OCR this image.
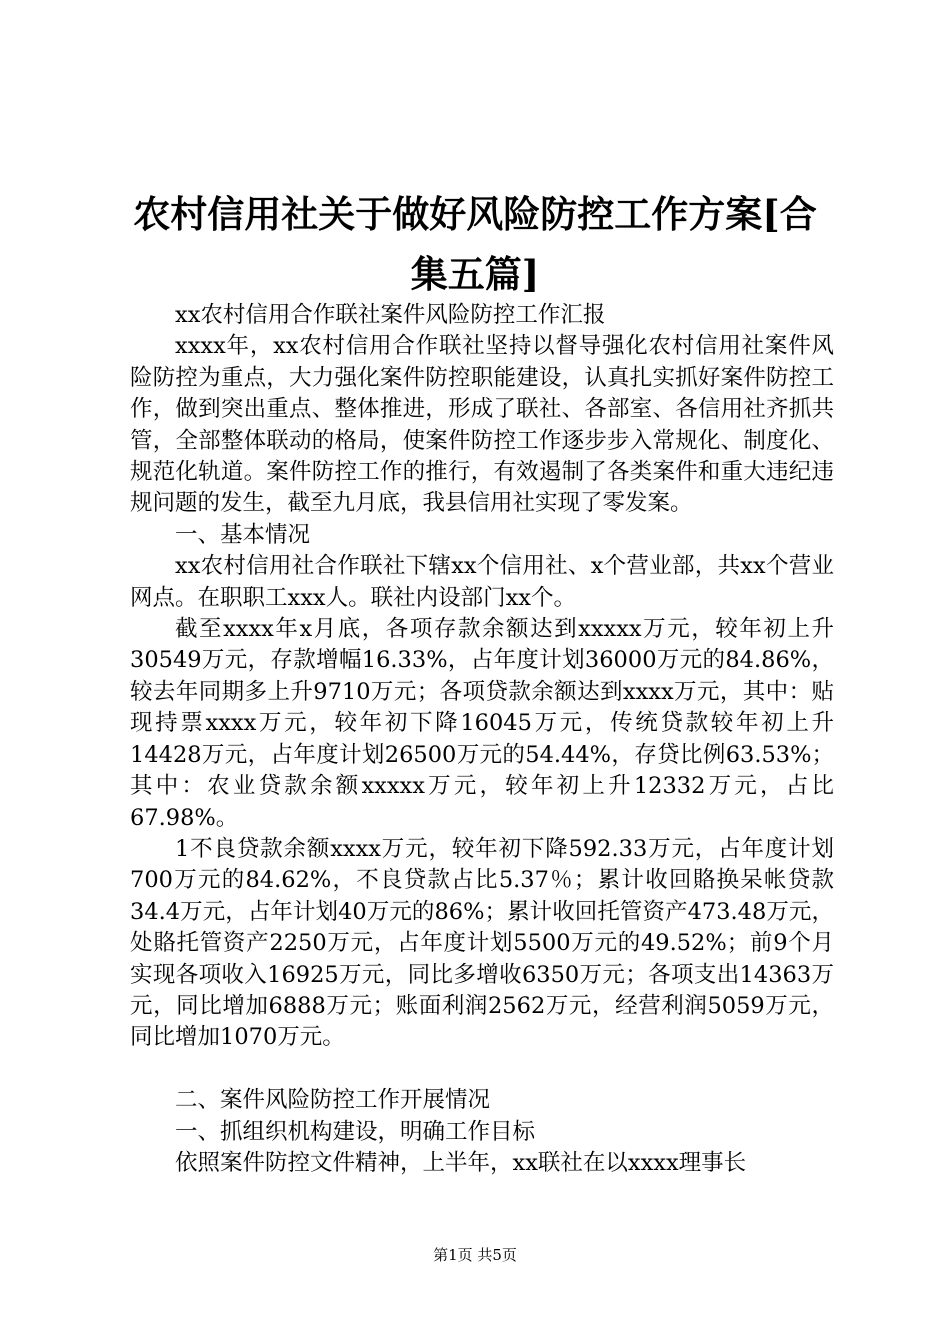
农村信用社关于做好风险防控工作方案[合集五篇]

xx农村信用合作联社案件风险防控工作汇报

xxxx年，xx农村信用合作联社坚持以督导强化农村信用社案件风险防控为重点，大力强化案件防控职能建设，认真扎实抓好案件防控工作，做到突出重点、整体推进，形成了联社、各部室、各信用社齐抓共管，全部整体联动的格局，使案件防控工作逐步步入常规化、制度化、规范化轨道。案件防控工作的推行，有效遏制了各类案件和重大违纪违规问题的发生，截至九月底，我县信用社实现了零发案。

一、基本情况

xx农村信用社合作联社下辖xx个信用社、x个营业部，共xx个营业网点。在职职工xxx人。联社内设部门xx个。

截至xxxx年x月底，各项存款余额达到xxxxx万元，较年初上升30549万元，存款增幅16.33%，占年度计划36000万元的84.86%，较去年同期多上升9710万元；各项贷款余额达到xxxx万元，其中：贴现持票xxxx万元，较年初下降16045万元，传统贷款较年初上升14428万元，占年度计划26500万元的54.44%，存贷比例63.53%；其中：农业贷款余额xxxxx万元，较年初上升12332万元，占比67.98%。

1不良贷款余额xxxx万元，较年初下降592.33万元，占年度计划700万元的84.62%，不良贷款占比5.37％；累计收回賂换呆帐贷款34.4万元，占年计划40万元的86%；累计收回托管资产473.48万元，处賂托管资产2250万元，占年度计划5500万元的49.52%；前9个月实现各项收入16925万元，同比多增收6350万元；各项支出14363万元，同比增加6888万元；账面利润2562万元，经营利润5059万元，同比增加1070万元。

二、案件风险防控工作开展情况

一、抓组织机构建设，明确工作目标

依照案件防控文件精神，上半年，xx联社在以xxxx理事长

第1页 共5页
